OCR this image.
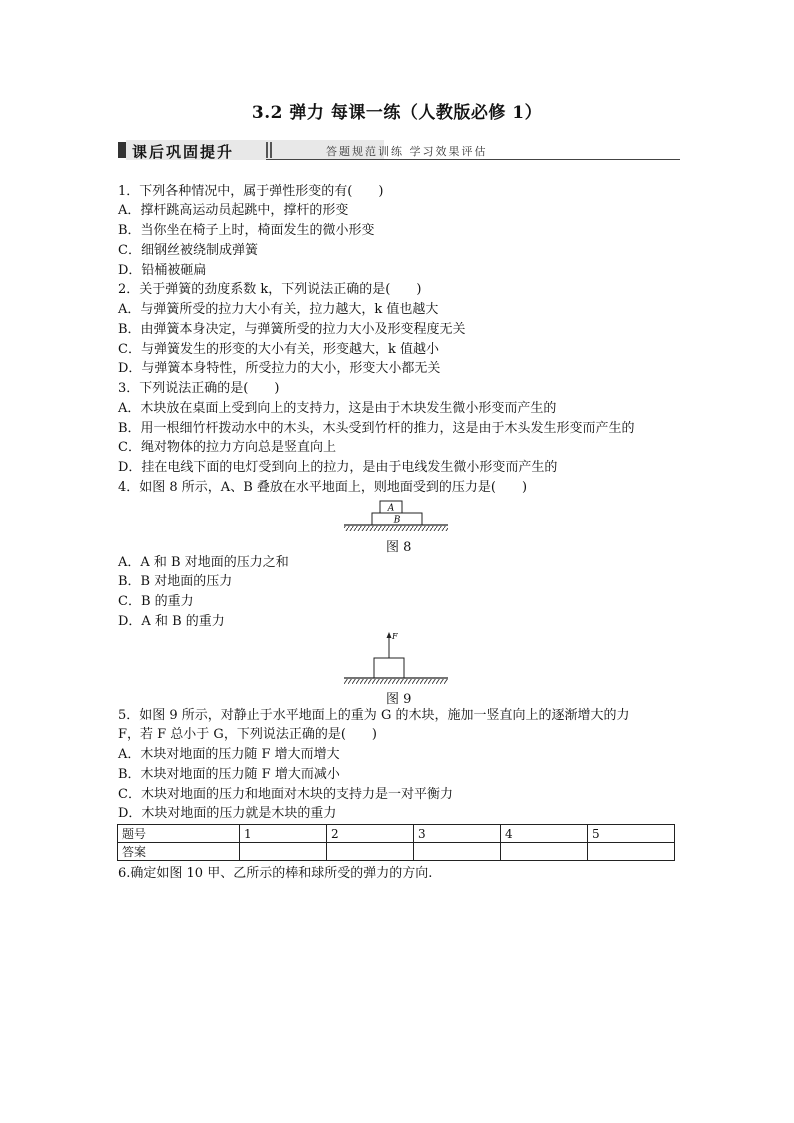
3.2 弹力 每课一练（人教版必修 1）
课后巩固提升	答题规范训练 学习效果评估
1．下列各种情况中，属于弹性形变的有(　　)
A．撑杆跳高运动员起跳中，撑杆的形变
B．当你坐在椅子上时，椅面发生的微小形变
C．细钢丝被绕制成弹簧
D．铅桶被砸扁
2．关于弹簧的劲度系数 k，下列说法正确的是(　　)
A．与弹簧所受的拉力大小有关，拉力越大，k 值也越大
B．由弹簧本身决定，与弹簧所受的拉力大小及形变程度无关
C．与弹簧发生的形变的大小有关，形变越大，k 值越小
D．与弹簧本身特性，所受拉力的大小，形变大小都无关
3．下列说法正确的是(　　)
A．木块放在桌面上受到向上的支持力，这是由于木块发生微小形变而产生的
B．用一根细竹杆拨动水中的木头，木头受到竹杆的推力，这是由于木头发生形变而产生的
C．绳对物体的拉力方向总是竖直向上
D．挂在电线下面的电灯受到向上的拉力，是由于电线发生微小形变而产生的
4．如图 8 所示，A、B 叠放在水平地面上，则地面受到的压力是(　　)
A
B
图 8
A．A 和 B 对地面的压力之和
B．B 对地面的压力
C．B 的重力
D．A 和 B 的重力
F
图 9
5．如图 9 所示，对静止于水平地面上的重为 G 的木块，施加一竖直向上的逐渐增大的力
F，若 F 总小于 G，下列说法正确的是(　　)
A．木块对地面的压力随 F 增大而增大
B．木块对地面的压力随 F 增大而减小
C．木块对地面的压力和地面对木块的支持力是一对平衡力
D．木块对地面的压力就是木块的重力
题号	1	2	3	4	5
答案					
6.确定如图 10 甲、乙所示的棒和球所受的弹力的方向.
